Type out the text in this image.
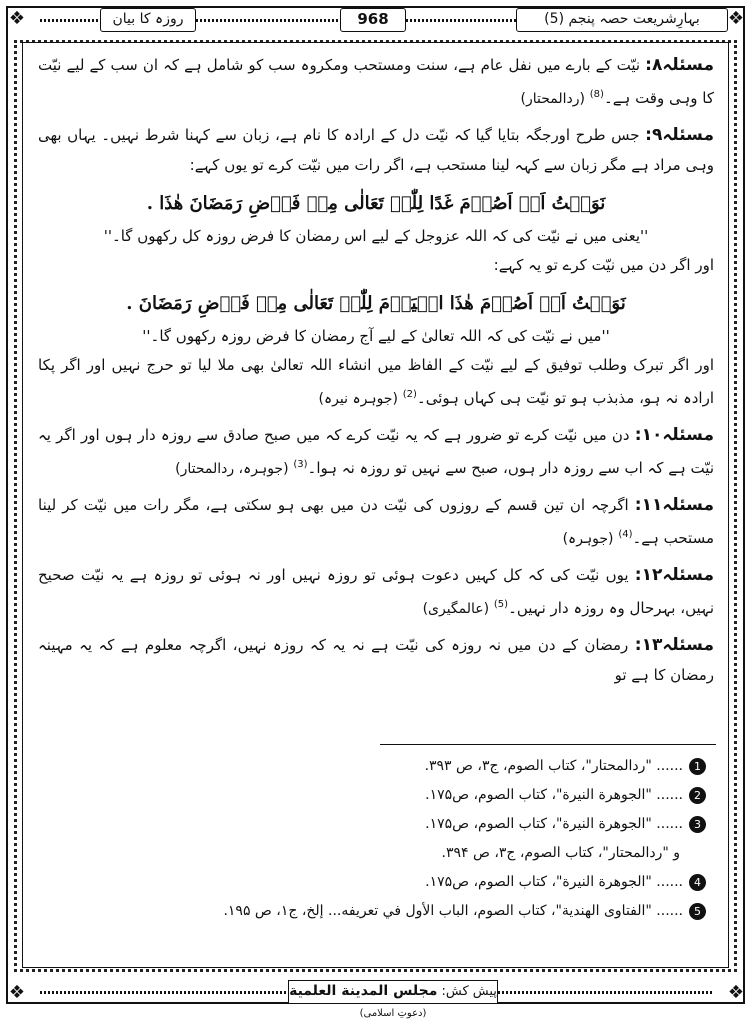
❖	❖
❖	❖
روزہ کا بیان	968	بہارِشریعت حصہ پنجم (5)

مسئلہ۸: نیّت کے بارے میں نفل عام ہے، سنت ومستحب ومکروہ سب کو شامل ہے کہ ان سب کے لیے نیّت کا وہی وقت ہے۔$^{(8)}$ (ردالمحتار)

مسئلہ۹: جس طرح اورجگہ بتایا گیا کہ نیّت دل کے ارادہ کا نام ہے، زبان سے کہنا شرط نہیں۔ یہاں بھی وہی مراد ہے مگر زبان سے کہہ لینا مستحب ہے، اگر رات میں نیّت کرے تو یوں کہے:

نَوَیۡتُ اَنۡ اَصُوۡمَ غَدًا لِلّٰہِ تَعَالٰی مِنۡ فَرۡضِ رَمَضَانَ ھٰذَا .
''یعنی میں نے نیّت کی کہ اللہ عزوجل کے لیے اس رمضان کا فرض روزہ کل رکھوں گا۔''
اور اگر دن میں نیّت کرے تو یہ کہے:
نَوَیۡتُ اَنۡ اَصُوۡمَ ھٰذَا الۡیَوۡمَ لِلّٰہِ تَعَالٰی مِنۡ فَرۡضِ رَمَضَانَ .
''میں نے نیّت کی کہ اللہ تعالیٰ کے لیے آج رمضان کا فرض روزہ رکھوں گا۔''

اور اگر تبرک وطلب توفیق کے لیے نیّت کے الفاظ میں انشاء اللہ تعالیٰ بھی ملا لیا تو حرج نہیں اور اگر پکا ارادہ نہ ہو، مذبذب ہو تو نیّت ہی کہاں ہوئی۔$^{(2)}$ (جوہرہ نیرہ)

مسئلہ۱۰: دن میں نیّت کرے تو ضرور ہے کہ یہ نیّت کرے کہ میں صبح صادق سے روزہ دار ہوں اور اگر یہ نیّت ہے کہ اب سے روزہ دار ہوں، صبح سے نہیں تو روزہ نہ ہوا۔$^{(3)}$ (جوہرہ، ردالمحتار)

مسئلہ۱۱: اگرچہ ان تین قسم کے روزوں کی نیّت دن میں بھی ہو سکتی ہے، مگر رات میں نیّت کر لینا مستحب ہے۔$^{(4)}$ (جوہرہ)

مسئلہ۱۲: یوں نیّت کی کہ کل کہیں دعوت ہوئی تو روزہ نہیں اور نہ ہوئی تو روزہ ہے یہ نیّت صحیح نہیں، بہرحال وہ روزہ دار نہیں۔$^{(5)}$ (عالمگیری)

مسئلہ۱۳: رمضان کے دن میں نہ روزہ کی نیّت ہے نہ یہ کہ روزہ نہیں، اگرچہ معلوم ہے کہ یہ مہینہ رمضان کا ہے تو

1
...... "ردالمحتار"، كتاب الصوم، ج۳، ص ۳۹۳.
2
...... "الجوهرة النيرة"، كتاب الصوم، ص۱۷۵.
3
...... "الجوهرة النيرة"، كتاب الصوم، ص۱۷۵.
و "ردالمحتار"، كتاب الصوم، ج۳، ص ۳۹۴.
4
...... "الجوهرة النيرة"، كتاب الصوم، ص۱۷۵.
5
...... "الفتاوى الهندية"، كتاب الصوم، الباب الأول في تعريفه... إلخ، ج۱، ص ۱۹۵.
پیش کش: مجلس المدينة العلمية (دعوتِ اسلامی)
